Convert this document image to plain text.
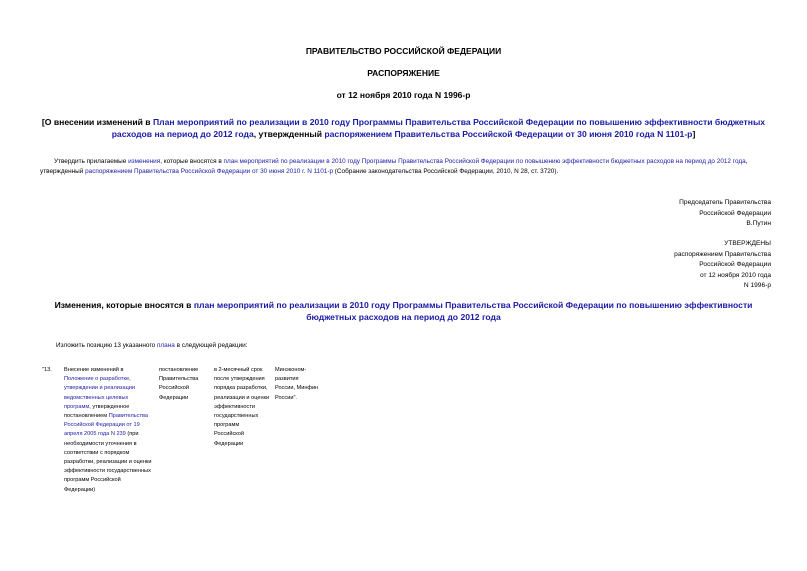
ПРАВИТЕЛЬСТВО РОССИЙСКОЙ ФЕДЕРАЦИИ
РАСПОРЯЖЕНИЕ
от 12 ноября 2010 года N 1996-р
[О внесении изменений в План мероприятий по реализации в 2010 году Программы Правительства Российской Федерации по повышению эффективности бюджетных расходов на период до 2012 года, утвержденный распоряжением Правительства Российской Федерации от 30 июня 2010 года N 1101-р]
Утвердить прилагаемые изменения, которые вносятся в план мероприятий по реализации в 2010 году Программы Правительства Российской Федерации по повышению эффективности бюджетных расходов на период до 2012 года, утвержденный распоряжением Правительства Российской Федерации от 30 июня 2010 г. N 1101-р (Собрание законодательства Российской Федерации, 2010, N 28, ст. 3720).
Председатель Правительства
Российской Федерации
В.Путин
УТВЕРЖДЕНЫ
распоряжением Правительства
Российской Федерации
от 12 ноября 2010 года
N 1996-р
Изменения, которые вносятся в план мероприятий по реализации в 2010 году Программы Правительства Российской Федерации по повышению эффективности бюджетных расходов на период до 2012 года
Изложить позицию 13 указанного плана в следующей редакции:
"13.	Внесение изменений в Положение о разработке, утверждении и реализации ведомственных целевых программ, утвержденное постановлением Правительства Российской Федерации от 19 апреля 2005 года N 239 (при необходимости уточнения в соответствии с порядком разработки, реализации и оценки эффективности государственных программ Российской Федерации)
постановление Правительства Российской Федерации
в 2-месячный срок после утверждения порядка разработки, реализации и оценки эффективности государственных программ Российской Федерации
Минэконом-развития России, Минфин России".
